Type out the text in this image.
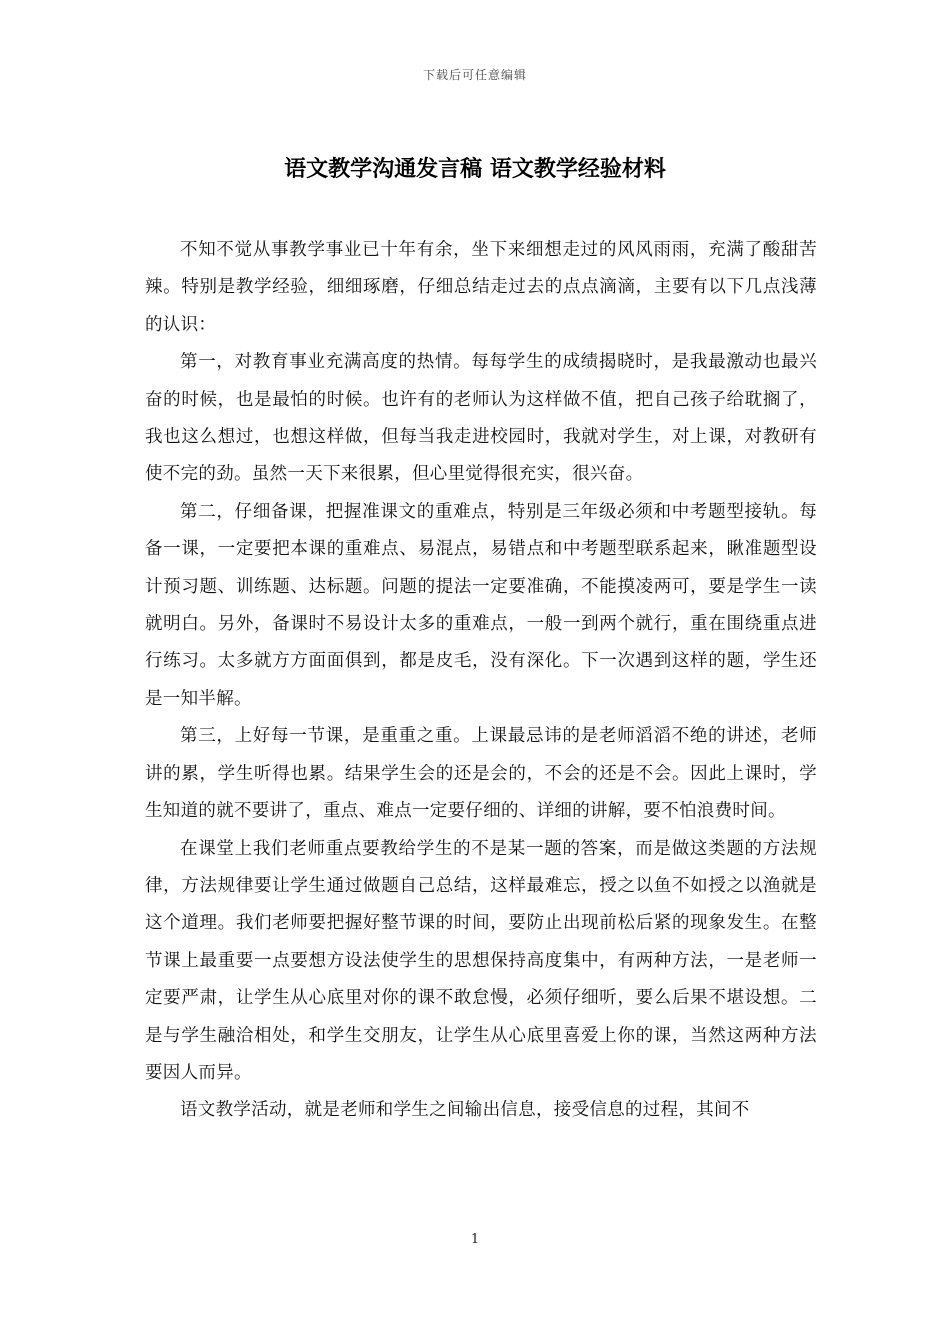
下载后可任意编辑
语文教学沟通发言稿 语文教学经验材料

不知不觉从事教学事业已十年有余，坐下来细想走过的风风雨雨，充满了酸甜苦辣。特别是教学经验，细细琢磨，仔细总结走过去的点点滴滴，主要有以下几点浅薄的认识：

第一，对教育事业充满高度的热情。每每学生的成绩揭晓时，是我最激动也最兴奋的时候，也是最怕的时候。也许有的老师认为这样做不值，把自己孩子给耽搁了，我也这么想过，也想这样做，但每当我走进校园时，我就对学生，对上课，对教研有使不完的劲。虽然一天下来很累，但心里觉得很充实，很兴奋。

第二，仔细备课，把握准课文的重难点，特别是三年级必须和中考题型接轨。每备一课，一定要把本课的重难点、易混点，易错点和中考题型联系起来，瞅准题型设计预习题、训练题、达标题。问题的提法一定要准确，不能摸凌两可，要是学生一读就明白。另外，备课时不易设计太多的重难点，一般一到两个就行，重在围绕重点进行练习。太多就方方面面俱到，都是皮毛，没有深化。下一次遇到这样的题，学生还是一知半解。

第三，上好每一节课，是重重之重。上课最忌讳的是老师滔滔不绝的讲述，老师讲的累，学生听得也累。结果学生会的还是会的，不会的还是不会。因此上课时，学生知道的就不要讲了，重点、难点一定要仔细的、详细的讲解，要不怕浪费时间。

在课堂上我们老师重点要教给学生的不是某一题的答案，而是做这类题的方法规律，方法规律要让学生通过做题自己总结，这样最难忘，授之以鱼不如授之以渔就是这个道理。我们老师要把握好整节课的时间，要防止出现前松后紧的现象发生。在整节课上最重要一点要想方设法使学生的思想保持高度集中，有两种方法，一是老师一定要严肃，让学生从心底里对你的课不敢怠慢，必须仔细听，要么后果不堪设想。二是与学生融洽相处，和学生交朋友，让学生从心底里喜爱上你的课，当然这两种方法要因人而异。

语文教学活动，就是老师和学生之间输出信息，接受信息的过程，其间不

1
